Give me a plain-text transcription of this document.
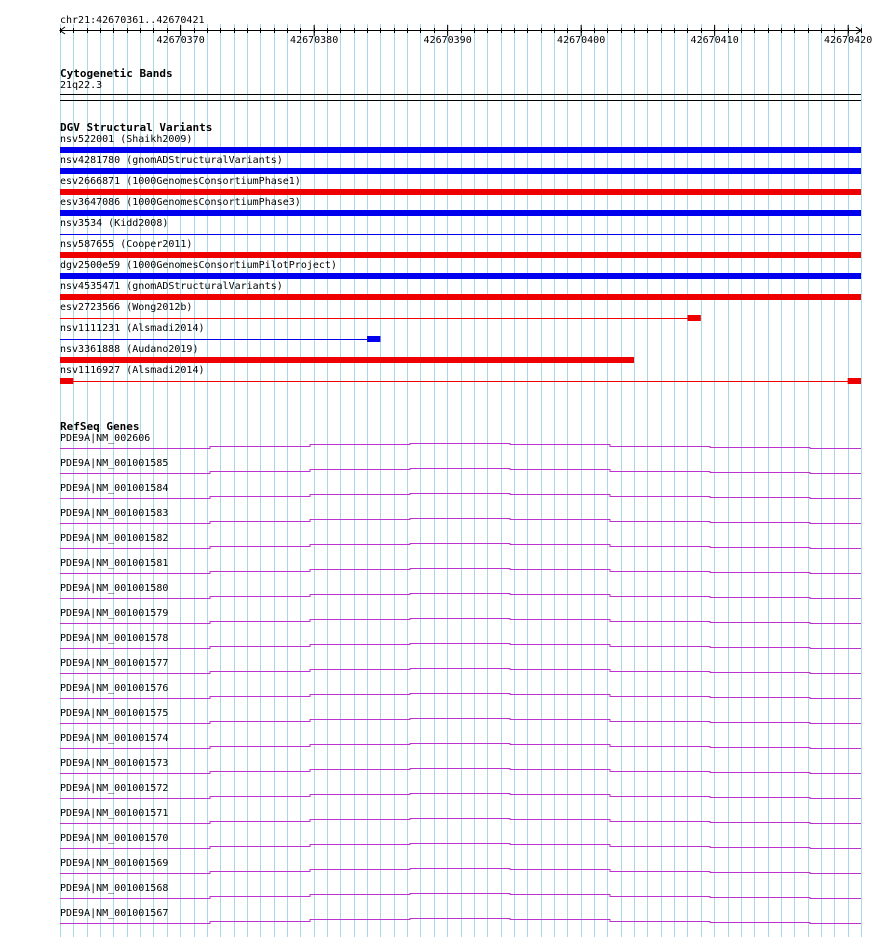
chr21:42670361..42670421
42670370	42670380	42670390	42670400	42670410	42670420
Cytogenetic Bands
21q22.3
DGV Structural Variants
nsv522001 (Shaikh2009)
nsv4281780 (gnomADStructuralVariants)
esv2666871 (1000GenomesConsortiumPhase1)
esv3647086 (1000GenomesConsortiumPhase3)
nsv3534 (Kidd2008)
nsv587655 (Cooper2011)
dgv2500e59 (1000GenomesConsortiumPilotProject)
nsv4535471 (gnomADStructuralVariants)
esv2723566 (Wong2012b)
nsv1111231 (Alsmadi2014)
nsv3361888 (Audano2019)
nsv1116927 (Alsmadi2014)
RefSeq Genes
PDE9A|NM_002606
PDE9A|NM_001001585
PDE9A|NM_001001584
PDE9A|NM_001001583
PDE9A|NM_001001582
PDE9A|NM_001001581
PDE9A|NM_001001580
PDE9A|NM_001001579
PDE9A|NM_001001578
PDE9A|NM_001001577
PDE9A|NM_001001576
PDE9A|NM_001001575
PDE9A|NM_001001574
PDE9A|NM_001001573
PDE9A|NM_001001572
PDE9A|NM_001001571
PDE9A|NM_001001570
PDE9A|NM_001001569
PDE9A|NM_001001568
PDE9A|NM_001001567
